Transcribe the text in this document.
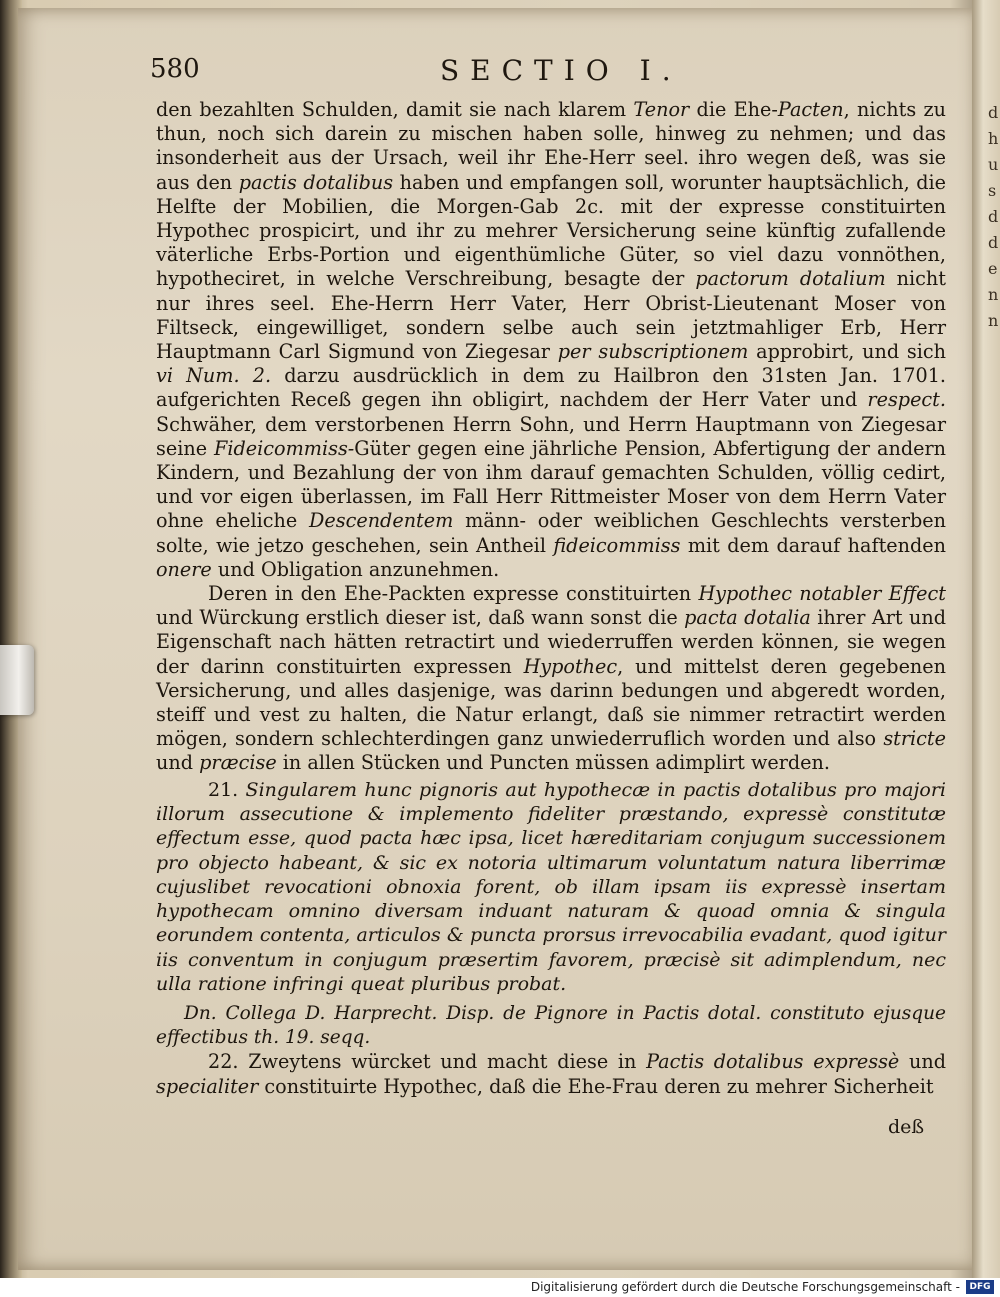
d
h
u
s
d
d
e
n
n
580	SECTIO I.

den bezahlten Schulden, damit sie nach klarem Tenor die Ehe-Pacten, nichts zu thun, noch sich darein zu mischen haben solle, hinweg zu nehmen; und das insonderheit aus der Ursach, weil ihr Ehe-Herr seel. ihro wegen deß, was sie aus den pactis dotalibus haben und empfangen soll, worunter hauptsächlich, die Helfte der Mobilien, die Morgen-Gab 2c. mit der expresse constituirten Hypothec prospicirt, und ihr zu mehrer Versicherung seine künftig zufallende väterliche Erbs-Portion und eigenthümliche Güter, so viel dazu vonnöthen, hypotheciret, in welche Verschreibung, besagte der pactorum dotalium nicht nur ihres seel. Ehe-Herrn Herr Vater, Herr Obrist-Lieutenant Moser von Filtseck, eingewilliget, sondern selbe auch sein jetztmahliger Erb, Herr Hauptmann Carl Sigmund von Ziegesar per subscriptionem approbirt, und sich vi Num. 2. darzu ausdrücklich in dem zu Hailbron den 31sten Jan. 1701. aufgerichten Receß gegen ihn obligirt, nachdem der Herr Vater und respect. Schwäher, dem verstorbenen Herrn Sohn, und Herrn Hauptmann von Ziegesar seine Fideicommiss-Güter gegen eine jährliche Pension, Abfertigung der andern Kindern, und Bezahlung der von ihm darauf gemachten Schulden, völlig cedirt, und vor eigen überlassen, im Fall Herr Rittmeister Moser von dem Herrn Vater ohne eheliche Descendentem männ- oder weiblichen Geschlechts versterben solte, wie jetzo geschehen, sein Antheil fideicommiss mit dem darauf haftenden onere und Obligation anzunehmen.

Deren in den Ehe-Packten expresse constituirten Hypothec notabler Effect und Würckung erstlich dieser ist, daß wann sonst die pacta dotalia ihrer Art und Eigenschaft nach hätten retractirt und wiederruffen werden können, sie wegen der darinn constituirten expressen Hypothec, und mittelst deren gegebenen Versicherung, und alles dasjenige, was darinn bedungen und abgeredt worden, steiff und vest zu halten, die Natur erlangt, daß sie nimmer retractirt werden mögen, sondern schlechterdingen ganz unwiederruflich worden und also stricte und præcise in allen Stücken und Puncten müssen adimplirt werden.

21. Singularem hunc pignoris aut hypothecæ in pactis dotalibus pro majori illorum assecutione & implemento fideliter præstando, expressè constitutæ effectum esse, quod pacta hæc ipsa, licet hæreditariam conjugum successionem pro objecto habeant, & sic ex notoria ultimarum voluntatum natura liberrimæ cujuslibet revocationi obnoxia forent, ob illam ipsam iis expressè insertam hypothecam omnino diversam induant naturam & quoad omnia & singula eorundem contenta, articulos & puncta prorsus irrevocabilia evadant, quod igitur iis conventum in conjugum præsertim favorem, præcisè sit adimplendum, nec ulla ratione infringi queat pluribus probat.

Dn. Collega D. Harprecht. Disp. de Pignore in Pactis dotal. constituto ejusque effectibus th. 19. seqq.

22. Zweytens würcket und macht diese in Pactis dotalibus expressè und specialiter constituirte Hypothec, daß die Ehe-Frau deren zu mehrer Sicherheit

deß
Digitalisierung gefördert durch die Deutsche Forschungsgemeinschaft -	DFG
